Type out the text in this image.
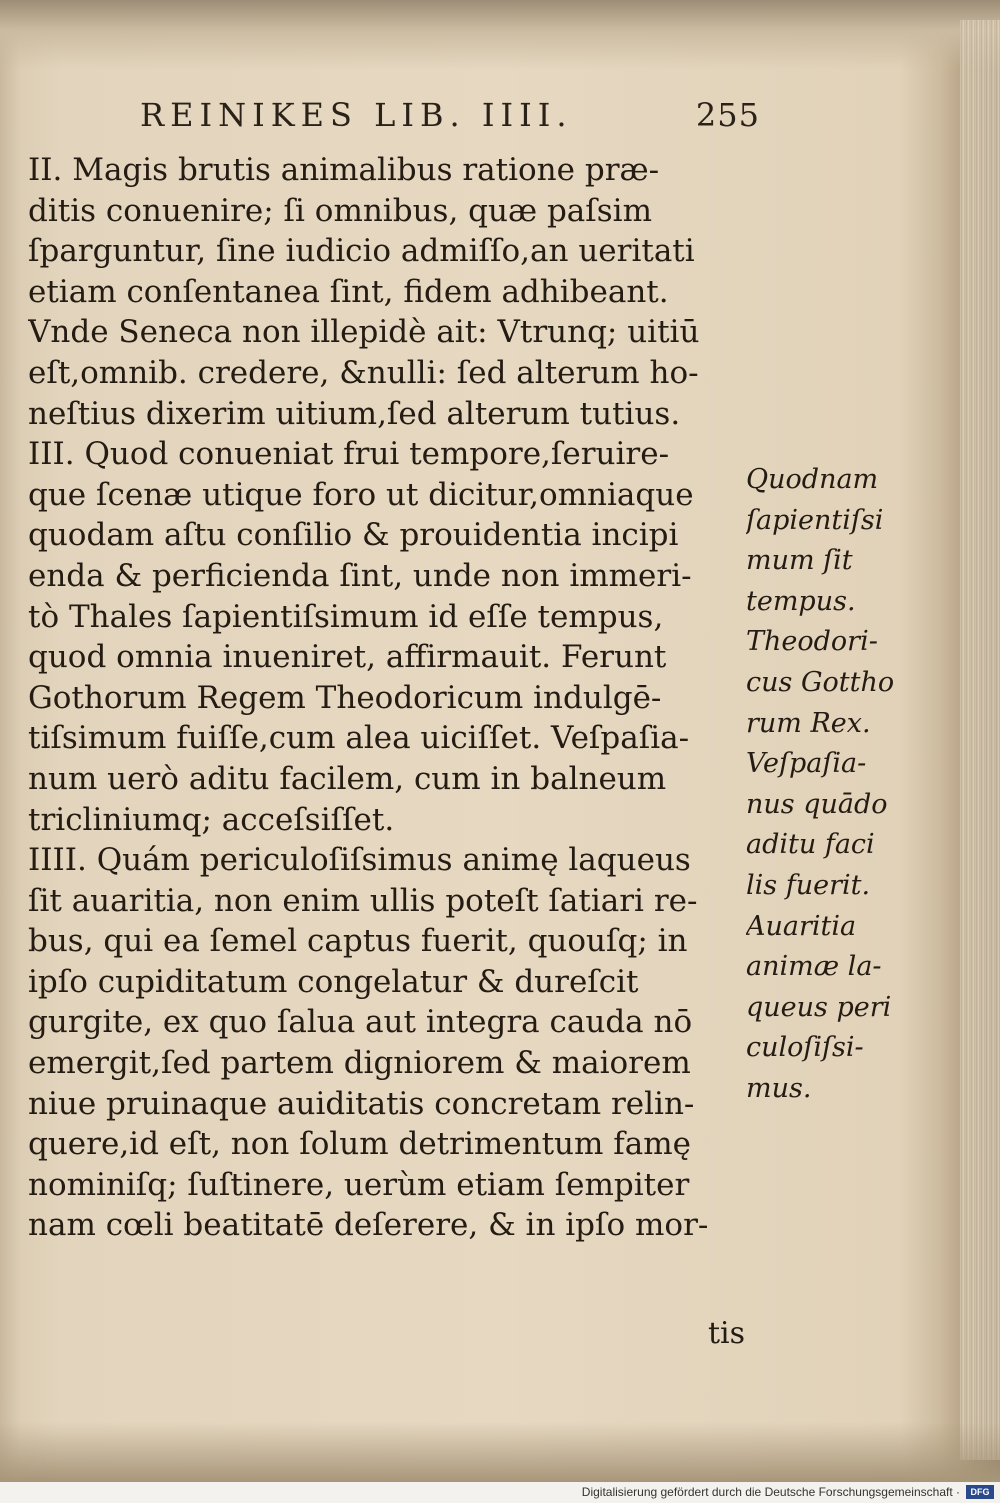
REINIKES LIB. IIII.	255
II. Magis brutis animalibus ratione præ-
ditis conuenire; ſi omnibus, quæ paſsim
ſparguntur, ſine iudicio admiſſo,an ueritati
etiam conſentanea ſint, fidem adhibeant.
Vnde Seneca non illepidè ait: Vtrunq; uitiū
eſt,omnib. credere, &nulli: ſed alterum ho-
neſtius dixerim uitium,ſed alterum tutius.
III. Quod conueniat frui tempore,ſeruire-
que ſcenæ utique foro ut dicitur,omniaque
quodam aſtu conſilio & prouidentia incipi
enda & perficienda ſint, unde non immeri-
tò Thales ſapientiſsimum id eſſe tempus,
quod omnia inueniret, affirmauit. Ferunt
Gothorum Regem Theodoricum indulgē-
tiſsimum fuiſſe,cum alea uiciſſet. Veſpaſia-
num uerò aditu facilem, cum in balneum
tricliniumq; acceſsiſſet.
IIII. Quám periculoſiſsimus animę laqueus
ſit auaritia, non enim ullis poteſt ſatiari re-
bus, qui ea ſemel captus fuerit, quouſq; in
ipſo cupiditatum congelatur & dureſcit
gurgite, ex quo ſalua aut integra cauda nō
emergit,ſed partem digniorem & maiorem
niue pruinaque auiditatis concretam relin-
quere,id eſt, non ſolum detrimentum famę
nominiſq; ſuſtinere, uerùm etiam ſempiter
nam cœli beatitatē deſerere, & in ipſo mor-
Quodnam
ſapientiſsi
mum ſit
tempus.
Theodori-
cus Gottho
rum Rex.
Veſpaſia-
nus quādo
aditu faci
lis fuerit.
Auaritia
animæ la-
queus peri
culoſiſsi-
mus.
tis
Digitalisierung gefördert durch die Deutsche Forschungsgemeinschaft ·	DFG
